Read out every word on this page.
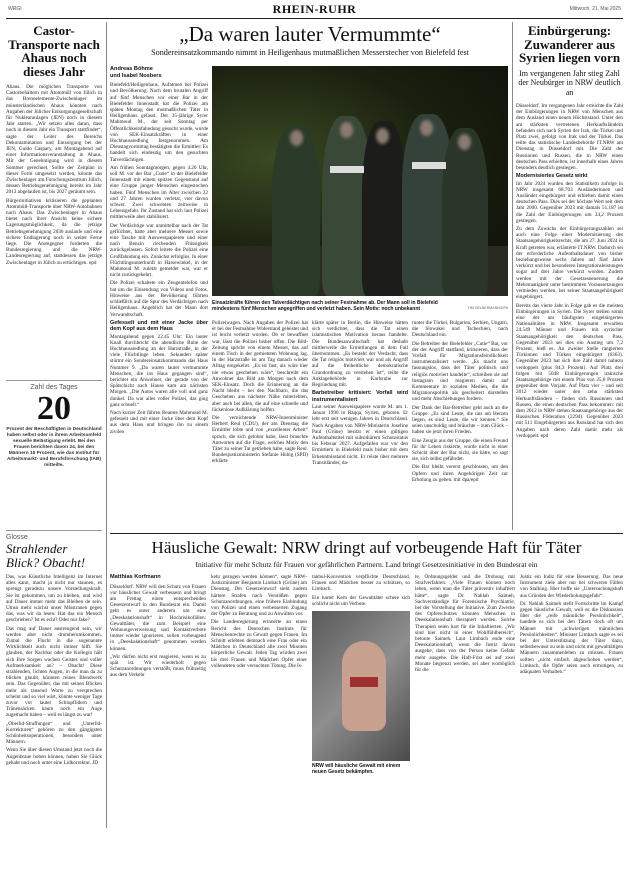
WRGI	RHEIN-RUHR	Mittwoch, 21. Mai 2025
Castor-Transporte nach Ahaus noch dieses Jahr

Ahaus. Die möglichen Transporte von Castorbehältern mit Atommüll von Jülich in das Brennelemente-Zwischenlager im münsterländischen Ahaus könnten nach Angaben der Jülicher Entsorgungsgesellschaft für Nuklearanlagen (JEN) noch in diesem Jahr starten. „Wir setzen alles daran, dass noch in diesem Jahr ein Transport stattfindet“, sagte der Leiter des Bereichs Dekontamination und Entsorgung bei der JEN, Guido Caspary, am Montagabend auf einer Informationsveranstaltung in Ahaus. Mit der Genehmigung wird in diesem Sommer gerechnet. Sollte der Zeitplan in dieser Form umgesetzt werden, könnte das Zwischenlager am Forschungszentrum Jülich, dessen Betriebsgenehmigung bereits im Jahr 2013 abgelaufen ist, bis 2027 geräumt sein.

Bürgerinitiativen kritisieren die geplanten Atommüll-Transporte über NRW-Autobahnen nach Ahaus. Das Zwischenlager in Ahaus bietet nach ihrer Ansicht keine sichere Lagerungsmöglichkeit, da die jetzige Betriebsgenehmigung 2036 auslaufe und eine sichere Endlagerung noch in weiter Ferne liege. Die Atomgegner forderten die Bundesregierung und die NRW-Landesregierung auf, stattdessen das jetzige Zwischenlager in Jülich zu ertüchtigen. epd

Zahl des Tages
20
Prozent der Beschäftigten in Deutschland haben selbst oder in ihrem Arbeitsumfeld sexuelle Belästigung erlebt. Bei den Frauen berichten davon 24, bei den Männern 15 Prozent, wie das Institut für Arbeitsmarkt- und Berufsforschung (IAB) mitteilte.
Glosse
Strahlender Blick? Obacht!

Das, was Künstliche Intelligenz im Internet alles kann, macht ja nicht nur staunen, es sprengt geradezu unsere Vorstellungskraft. Sie ist gekommen, um zu bleiben, und wird auf Dauer immer mehr das Bleiben de sein. Umso mehr wächst unser Misstrauen gegen das, was wir da lesen: Hat das ein Mensch geschrieben? Ist es echt? Oder nur fake?

Das mag auf Dauer anstrengend sein, wir werden aber nicht drumherumkommen. Zumal die Flucht in die sogenannte Wirklichkeit auch nicht immer hilft. Sie glauben, der Nachbar oder die Kollegin hält sich Ihre Sorgen wachen Geistes und voller Aufmerksamkeit an? – Obacht! Diese strahlenden, lichten Augen, in die man da zu blicken glaubt, könnten reines Blendwerk sein. Das Gegenüber, das mit seinen Blicken mehr als tausend Worte zu versprechen scheint und so viel wärt, könnte weniger Tage zuvor vor lauter Schlupflidern und Tränensäcken kaum noch ein Auge zugemacht haben – weil es längst zu war!

„Oberlid-Straffungen“ und „Unterlid-Korrekturen“ gehören zu den gängigsten Schönheitsoperationen, besonders unter Männern.

Wenn Sie über diesen Umstand jetzt noch die Augenbraue hoben können, haben Sie Glück gehabt und noch unter eine Lidkorrektur. JD

„Da waren lauter Vermummte“
Sondereinsatzkommando nimmt in Heiligenhaus mutmaßlichen Messerstecher von Bielefeld fest
Andreas Böhme
und Isabel Nosbers

Bielefeld/Heiligenhaus. Aufatmen bei Polizei und Bevölkerung. Nach dem brutalen Angriff auf fünf Menschen vor einer Bar in der Bielefelder Innenstadt hat die Polizei am späten Montag den mutmaßlichen Täter in Heiligenhaus gefasst. Der 35-jährige Syrer Mahmoud M., der seit Sonntag per Öffentlichkeitsfahndung gesucht wurde, wurde von SEK-Einsatzkräften in einer Hochhaussiedlung festgenommen. Am Dienstagvormittag bestätigten die Ermittler: Es handelt sich eindeutig um den gesuchten Tatverdächtigen.

Am frühen Sonntagmorgen, gegen 4.20 Uhr, soll M. vor der Bar „Cutie“ in der Bielefelder Innenstadt mit einem spitzen Gegenstand auf eine Gruppe junger Menschen eingestochen haben. Fünf Menschen im Alter zwischen 22 und 27 Jahren wurden verletzt, vier davon schwer. Zwei schwebten zeitweise in Lebensgefahr. Ihr Zustand hat sich laut Polizei mittlerweile aber stabilisiert.

Der Verdächtige war unmittelbar nach der Tat geflüchtet, hatte aber mehrere Messer sowie eine Tasche mit Auswesspapieren und einer nach Benzin riechenden Flüssigkeit zurückgelassen. Sofort leitete die Polizei eine Großfahndung ein. Zunächst erfolglos. In einer Flüchtlingsunterkunft in Harsewinkel, in der Mahmoud M. zuletzt gemeldet war, war er nicht zurückgekehrt.

Die Polizei schaltete ein Zeugentelefon und bat um die Einsendung von Videos und Fotos. Hinweise aus der Bevölkerung führten schließlich auf die Spur des Verdächtigen nach Heiligenhaus. Angeblich hat der Mann dort Verwandtschaft.

Gefesselt und mit einer Jacke über dem Kopf aus dem Haus

Montagabend gegen 22.45 Uhr: Ein lauter Knall durchbricht die abendliche Ruhe der Hochhaussiedlung an der Harzstraße, in der viele Flüchtlinge leben. Sekunden später stürmt ein Sondereinsatzkommando das Haus Nummer 9. „Da waren lauter vermummte Menschen, die ins Haus gegangen sind“, berichtet ein Anwohner, der gerade von der Spätschicht nach Hause kam am nächsten Morgen. „Die Autos waren alle voll und ganz dunkel. Da war alles voller Polizei, das ging ganz schnell.“

Nach kurzer Zeit führen Beamte Mahmoud M. gefesselt und mit einer Jacke über dem Kopf aus dem Haus und bringen ihn zu einem zivilen

Einsatzkräfte führen den Tatverdächtigen nach seiner Festnahme ab. Der Mann soll in Bielefeld mindestens fünf Menschen angegriffen und verletzt haben. Sein Motiv: noch unbekannt	TIM OELBERMANN/DPA

Polizeiwagen. Nach Angaben der Polizei hat er bei der Festnahme Widerstand geleistet und ist leicht verletzt worden. Ob er bewaffnet war, lässt die Polizei bisher offen. Die Bild-Zeitung spricht von einem Messer, das auf einem Tisch in der gemieteten Wohnung lag. In der Harzstraße ist am Tag danach wieder Alltag eingekehrt. „Es ist fast, als wäre hier nie etwas geschehen wäre“, beschreibt ein Anwohner das Bild am Morgen nach dem SEK-Einsatz. Doch die Erinnerung an die Nacht bleibt – bei den Nachbarn, die das Geschehen aus nächster Nähe miterlebten, aber auch bei allen, die auf eine schnelle und lückenlose Aufklärung hoffen.

Die vernichtende NRW-Innenminister Herbert Reul (CDU), der am Dienstag die Ermittler lobte und von „exzellenter Arbeit“ sprach, die sich gelohnt habe, lässt brauchte Antworten auf die Frage, welches Motiv den Täter zu seiner Tat getrieben habe, sagte Reul. Bundesjustizministerin Stefanie Hubig (SPD) erklärte

klärte später in Berlin, die Hinweise hätten sich verdichtet, dass die Tat einen islamistischen Motivation heraus handelte. Die Bundesanwaltschaft hat deshalb mittlerweile die Ermittlungen in dem Fall übernommen. „Es besteht der Verdacht, dass die Tat religiös motiviert war und als Angriff auf die freiheitliche demokratische Grundordnung zu verstehen ist“, teilte die Anklagebehörde in Karlsruhe zur Begründung mit.

Barbetreiber kritisiert: Vorfall wird instrumentalisiert

Laut seiner Ausweispapiere wurde M. am 1. Januar 1990 in Raqqa, Syrien, geboren. Er lebt erst seit wenigen Jahren in Deutschland. Nach Angaben von NRW-Ministerin Josefine Paul (Grüne) besitzt er einen gültigen Aufenthaltstitel mit subsidiärem Schutzstatus bis Februar 2027. Aufgefallen war vor den Ermittlern in Bielefeld mals bisher mit dem Erkenntnisstand nicht. Er reiste über mehrere Transitländer, da-

runter die Türkei, Bulgarien, Serbien, Ungarn, die Slowakei und Tschechien, nach Deutschland ein.

Die Betreiber der Bielefelder „Cutie“ Bar, vor der der Angriff stattfand, kritisieren, dass der Vorfall für Migrationsfeindlichkeit instrumentalisiert werde. „Es macht uns fassungslos, dass der Täter politisch und religiös motiviert handelte“, schreiben sie auf Instagram und reagieren damit auf Kommentare in sozialen Medien, die die Migrationspolitik als gescheitert darstellen und mehr Abschiebungen fordern.

Der Dank der Bar-Betreiber geht auch an die Gruppe. „Es sind Leute, die uns am Herzen liegen, es sind Leute, die wir kennen.“ Sie seien unschuldig und bräuchte – zum Glück – haben sie jetzt ihren Frieden.

Eine Zeugin aus der Gruppe, die einen Freund für ihr Leben riskierte, wurde nicht in einer Schicht über der Bar nicht, sie hätte, so sagt sie, sich selbst gefährdet.

Die Bar bleibt vorerst geschlossen, um den Opfern und ihren Angehörigen Zeit zur Erholung zu geben. mit dpa/epd

Einbürgerung: Zuwanderer aus Syrien liegen vorn
Im vergangenen Jahr stieg Zahl der Neubürger in NRW deutlich an

Düsseldorf. Im vergangenen Jahr erreichte die Zahl der Einbürgerungen in NRW von Menschen aus dem Ausland einen neuen Höchststand. Unter den am stärksten vertretenen Herkunftsländern befanden sich nach Syrien der Irak, die Türkei und Platz zwei, gefolgt von Irak und der Türkei. Das teilte das statistische Landesbehörde IT.NRW am Dienstag in Düsseldorf mit. Die Zahl der Russinnen und Russen, die in NRW einen deutschen Pass erhielten, ist innerhalb eines Jahres besonders deutlich gestiegen.

Modernisiertes Gesetz wirkt

Im Jahr 2024 wurden den Statistikern zufolge in NRW insgesamt 68.703 Ausländerinnen und Ausländer eingebürgert und erhielten damit einen deutschen Pass. Dies sei der höchste Wert seit dem Jahr 2000. Gegenüber 2023 mit damals 51.187 ist die Zahl der Einbürgerungen um 34,2 Prozent gestiegen.

Zu dem Zuwachs der Einbürgerungszahlen sei auch eine Folge einer Modernisierung des Staatsangehörigkeitsrechts, die am 27. Juni 2024 in Kraft getreten war, erläuterte IT.NRW. Dadurch sei der erforderliche Aufenthaltsdauer von bisher beziehungsweise sechs Jahren auf fünf Jahre verkürzt und bei besonderen Integrationsleistungen sogar auf drei Jahre verkürzt worden. Zudem werden mit der Gesetzesneuerung die Mehrstaatigkeit unter bestimmten Voraussetzungen vermieden werden, bei seiner Staatsangehörigkeit eingebürgert.

Bereits das vierte Jahr in Folge gab es die meisten Einbürgerungen in Syrien. Die Syrer stellen somit eine der am häufigsten eingebürgerten Nationalitäten in NRW. Insgesamt erwarben 24.549 Männer und Frauen mit syrischer Staatsangehörigkeit den deutschen Pass. Gegenüber 2023 sei dies ein Anstieg um 7,2 Prozent, hieß es. An zweiter Stelle rangierten Türkinnen und Türken eingebürgert (6363). Gegenüber 2023 hat sich ihre Zahl damit nahezu verdoppelt (plus 84,3 Prozent). Auf Platz drei folgen mit 5048 Einbürgerungen irakische Staatsangehörige mit einem Plus von 25,8 Prozent gegenüber dem Vorjahr. Auf Platz vier – und seit 2012 wieder unter den zehn stärksten Herkunftsländern – finden sich Russinnen und Russen, die einen deutschen Pass bekommen: mit dem 2012 in NRW stehen Staatsangehörige aus der Russischen Föderation (2294). Gegenüber 2023 mit 511 Eingebürgerten aus Russland hat sich den Angaben nach deren Zahl damit mehr als verdoppelt. epd

Häusliche Gewalt: NRW dringt auf vorbeugende Haft für Täter
Initiative für mehr Schutz für Frauen vor gefährlichen Partnern. Land bringt Gesetzesinitiative in den Bundesrat ein
Matthias Korfmann

Düsseldorf. NRW will den Schutz von Frauen vor häuslicher Gewalt verbessern und bringt am Freitag einen entsprechenden Gesetzentwurf in den Bundesrat ein. Damit geht es unter anderem um eine „Deeskalationshaft“ in Hochrisikofällen: Gewalttäter, die zum Beispiel eine Wohnungsverweisung und Kontaktverbote immer wieder ignorieren, sollen vorbeugend in „Deeskalationshaft“ genommen werden können.

„Wir dürfen nicht erst reagieren, wenn es zu spät ist. Wir wiederholt gegen Schutzanordnungen verstößt, muss frühzeitig aus dem Verkehr

kehr gezogen werden können“, sagte NRW-Justizminister Benjamin Limbach (Grüne) am Dienstag. Der Gesetzentwurf sieht zudem härtere Strafen nach Verstößen gegen Schutzanordnungen, eine frühere Einbindung von Polizei und einen verbesserten Zugang der Opfer zu Beratung und zu Anwälten vor.

Die Landesregierung erinnerte an einen Bericht des Deutschen Instituts für Menschenrechte zu Gewalt gegen Frauen. Im Schnitt erlebten demnach eine Frau oder ein Mädchen in Deutschland alle zwei Minuten körperliche Gewalt. Jeden Tag würden zwei bis drei Frauen und Mädchen Opfer einer vollendeten oder versuchten Tötung. Die Is-

tanbul-Konvention verpflichte Deutschland, Frauen und Mädchen besser zu schützen, so Limbach.

Ein harter Kern der Gewalttäter schere sich schlicht nicht um Verbote.

NRW will häusliche Gewalt mit einem neuen Gesetz bekämpfen.

te, Ordnungsgelder und die Drohung mit Strafverfahren. „Viele Frauen können noch leben, wenn man die Täter präventiv inhaftiert hätte“, sagte Dr. Nahlah Saimeh, Sachverständige für Forensische Psychiatrie, bei der Vorstellung der Initiative. Zum Zwecke des Opferschutzes könnten Menschen in Deeskalationshaft therapiert werden. Solche Therapien seien hart für die Inhaftierten. „Wir sind hier nicht in einer Wohlfühlbereich“, betonte Saimeh. Laut Limbach ende eine Deeskalationshaft, wenn die Justiz davon ausgehe, dass von der Person keine Gefahr mehr ausgehe. Die Haft-Frist sei auf zwei Monate begrenzt werden, sei aber womöglich für die

Justiz ein Indiz für eine Besserung. Das neue Instrument ziele aber nur bei schweren Fällen von Stalking. Hier hoffe sie „Untersuchungshaft aus Gründen der Wiederholungsgefahr“.

Dr. Nahlah Saimeh stellt Fortschritte im Kampf gegen häusliche Gewalt, weil es die Diskussion über die „reife männliche Persönlichkeit“, handele es sich bei den Tätern doch oft um Männer mit „schwierigen männlichen Persönlichkeiten“. Minister Limbach sagte es sei bei der Unterstützung der Täter dazu, selbstbewusst zu sein und nicht mit gewalttätigen Männern zusammenleben zu müssen. Frauen sollten „nicht einfach abgeschoben werden“, Limbach, die Opfer seien auch ermutigen, zu adäquaten Verhalten.“
